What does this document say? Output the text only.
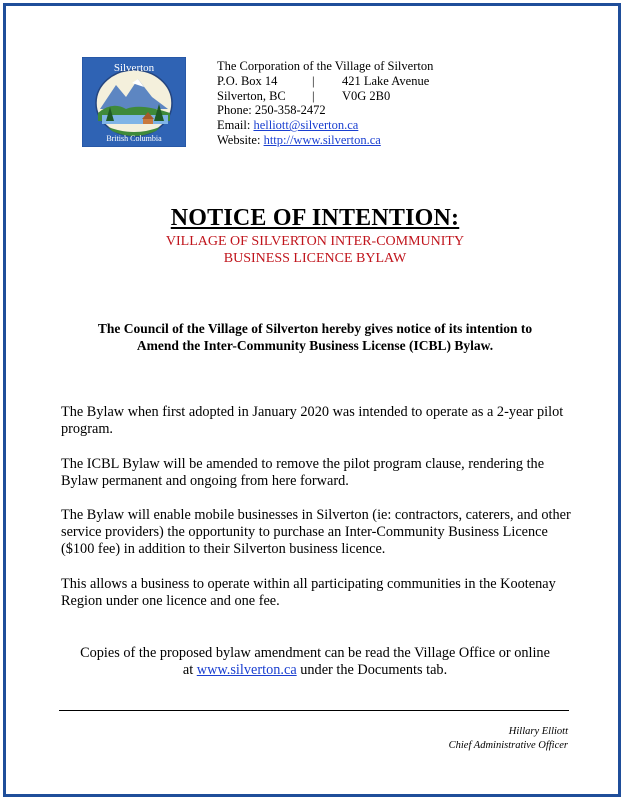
Silverton
British Columbia
The Corporation of the Village of Silverton
P.O. Box 14	| 421 Lake Avenue
Silverton, BC | V0G 2B0
Phone: 250-358-2472
Email: helliott@silverton.ca
Website: http://www.silverton.ca
NOTICE OF INTENTION:
VILLAGE OF SILVERTON INTER-COMMUNITY
BUSINESS LICENCE BYLAW
The Council of the Village of Silverton hereby gives notice of its intention to
Amend the Inter-Community Business License (ICBL) Bylaw.
The Bylaw when first adopted in January 2020 was intended to operate as a 2-year pilot program.
The ICBL Bylaw will be amended to remove the pilot program clause, rendering the Bylaw permanent and ongoing from here forward.
The Bylaw will enable mobile businesses in Silverton (ie: contractors, caterers, and other service providers) the opportunity to purchase an Inter-Community Business Licence ($100 fee) in addition to their Silverton business licence.
This allows a business to operate within all participating communities in the Kootenay Region under one licence and one fee.
Copies of the proposed bylaw amendment can be read the Village Office or online
at www.silverton.ca under the Documents tab.
Hillary Elliott
Chief Administrative Officer
